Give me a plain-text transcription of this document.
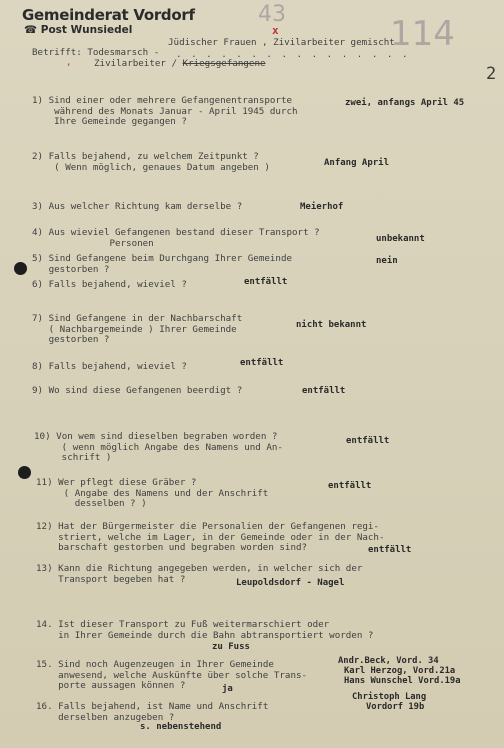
Gemeinderat Vordorf
☎ Post Wunsiedel
43	114
x
2
Jüdischer Frauen , Zivilarbeiter gemischt
Betrifft: Todesmarsch - . . . . . . . . . . . . . . . .
Zivilarbeiter / Kriegsgefangene
,
1) Sind einer oder mehrere Gefangenentransporte
während des Monats Januar - April 1945 durch
Ihre Gemeinde gegangen ?
zwei, anfangs April 45
2) Falls bejahend, zu welchem Zeitpunkt ?
( Wenn möglich, genaues Datum angeben )	Anfang April
3) Aus welcher Richtung kam derselbe ?	Meierhof
4) Aus wieviel Gefangenen bestand dieser Transport ?
Personen	unbekannt
5) Sind Gefangene beim Durchgang Ihrer Gemeinde
gestorben ?
nein
6) Falls bejahend, wieviel ?	entfällt
7) Sind Gefangene in der Nachbarschaft
( Nachbargemeinde ) Ihrer Gemeinde
gestorben ?
nicht bekannt
8) Falls bejahend, wieviel ?	entfällt
9) Wo sind diese Gefangenen beerdigt ?	entfällt
10) Von wem sind dieselben begraben worden ?
( wenn möglich Angabe des Namens und An-
schrift )
entfällt
11) Wer pflegt diese Gräber ?
( Angabe des Namens und der Anschrift
desselben ? )
entfällt
12) Hat der Bürgermeister die Personalien der Gefangenen regi-
striert, welche im Lager, in der Gemeinde oder in der Nach-
barschaft gestorben und begraben worden sind?	entfällt
13) Kann die Richtung angegeben werden, in welcher sich der
Transport begeben hat ?	Leupoldsdorf - Nagel
14. Ist dieser Transport zu Fuß weitermarschiert oder
in Ihrer Gemeinde durch die Bahn abtransportiert worden ?
zu Fuss
15. Sind noch Augenzeugen in Ihrer Gemeinde
anwesend, welche Auskünfte über solche Trans-
porte aussagen können ?	ja
16. Falls bejahend, ist Name und Anschrift
derselben anzugeben ?
s. nebenstehend
Andr.Beck, Vord. 34
Karl Herzog, Vord.21a
Hans Wunschel Vord.19a
Christoph Lang
Vordorf 19b
